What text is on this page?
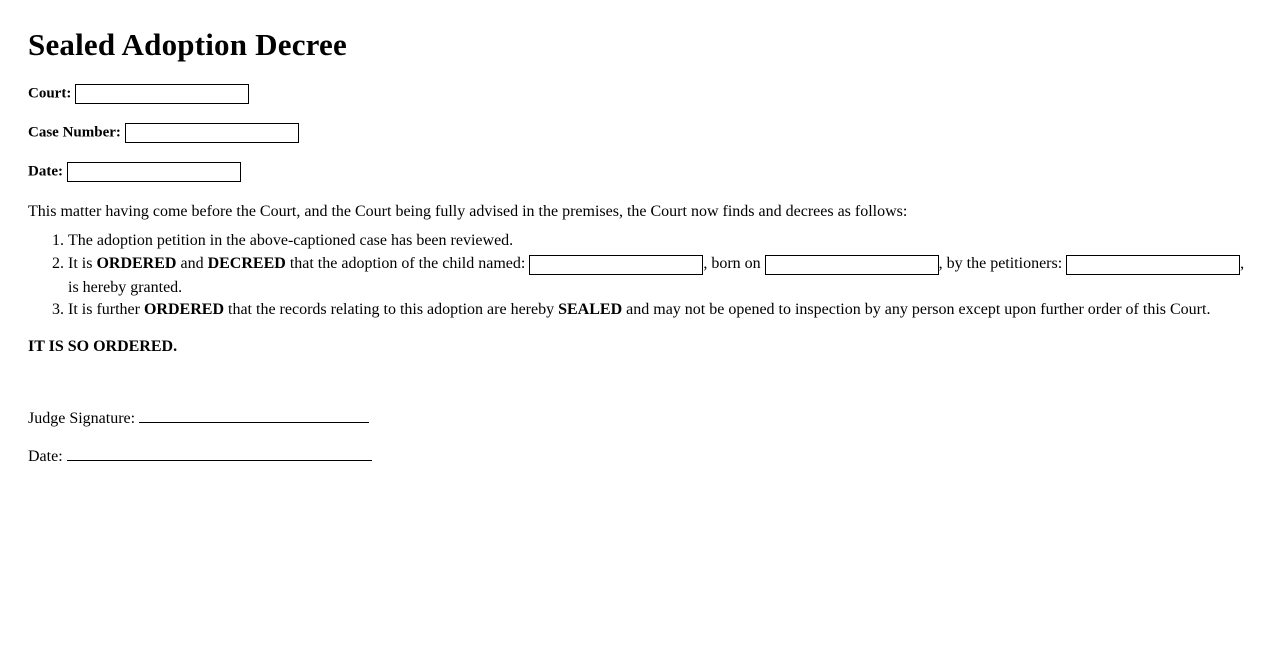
Sealed Adoption Decree
Court:
Case Number:
Date:

This matter having come before the Court, and the Court being fully advised in the premises, the Court now finds and decrees as follows:

1. The adoption petition in the above-captioned case has been reviewed.
2. It is ORDERED and DECREED that the adoption of the child named:	, born on	, by the petitioners:	, is hereby granted.
3. It is further ORDERED that the records relating to this adoption are hereby SEALED and may not be opened to inspection by any person except upon further order of this Court.

IT IS SO ORDERED.

Judge Signature:
Date:
